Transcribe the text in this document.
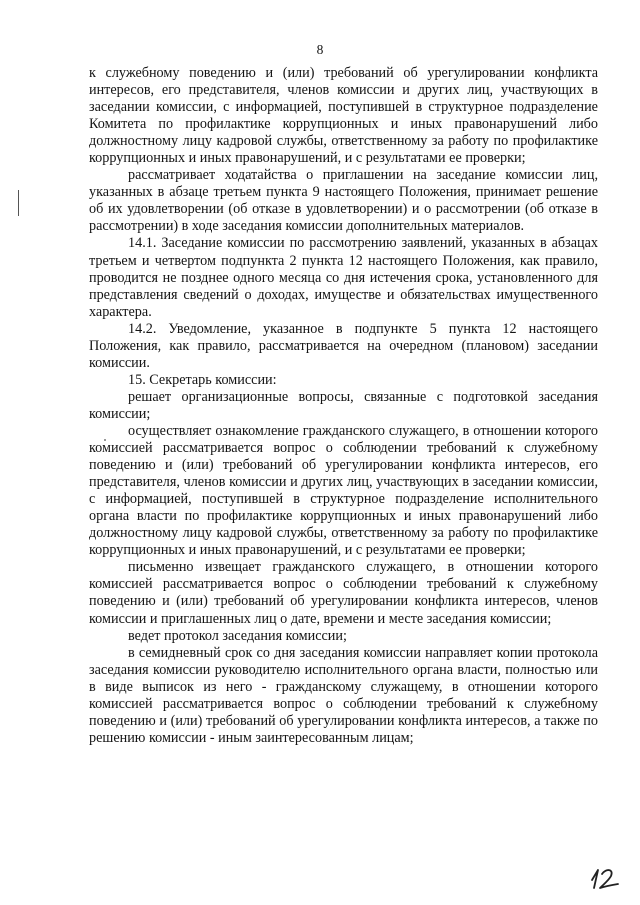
8

к служебному поведению и (или) требований об урегулировании конфликта интересов, его представителя, членов комиссии и других лиц, участвующих в заседании комиссии, с информацией, поступившей в структурное подразделение Комитета по профилактике коррупционных и иных правонарушений либо должностному лицу кадровой службы, ответственному за работу по профилактике коррупционных и иных правонарушений, и с результатами ее проверки;

рассматривает ходатайства о приглашении на заседание комиссии лиц, указанных в абзаце третьем пункта 9 настоящего Положения, принимает решение об их удовлетворении (об отказе в удовлетворении) и о рассмотрении (об отказе в рассмотрении) в ходе заседания комиссии дополнительных материалов.

14.1. Заседание комиссии по рассмотрению заявлений, указанных в абзацах третьем и четвертом подпункта 2 пункта 12 настоящего Положения, как правило, проводится не позднее одного месяца со дня истечения срока, установленного для представления сведений о доходах, имуществе и обязательствах имущественного характера.

14.2. Уведомление, указанное в подпункте 5 пункта 12 настоящего Положения, как правило, рассматривается на очередном (плановом) заседании комиссии.

15. Секретарь комиссии:

решает организационные вопросы, связанные с подготовкой заседания комиссии;

осуществляет ознакомление гражданского служащего, в отношении которого комиссией рассматривается вопрос о соблюдении требований к служебному поведению и (или) требований об урегулировании конфликта интересов, его представителя, членов комиссии и других лиц, участвующих в заседании комиссии, с информацией, поступившей в структурное подразделение исполнительного органа власти по профилактике коррупционных и иных правонарушений либо должностному лицу кадровой службы, ответственному за работу по профилактике коррупционных и иных правонарушений, и с результатами ее проверки;

письменно извещает гражданского служащего, в отношении которого комиссией рассматривается вопрос о соблюдении требований к служебному поведению и (или) требований об урегулировании конфликта интересов, членов комиссии и приглашенных лиц о дате, времени и месте заседания комиссии;

ведет протокол заседания комиссии;

в семидневный срок со дня заседания комиссии направляет копии протокола заседания комиссии руководителю исполнительного органа власти, полностью или в виде выписок из него - гражданскому служащему, в отношении которого комиссией рассматривается вопрос о соблюдении требований к служебному поведению и (или) требований об урегулировании конфликта интересов, а также по решению комиссии - иным заинтересованным лицам;
